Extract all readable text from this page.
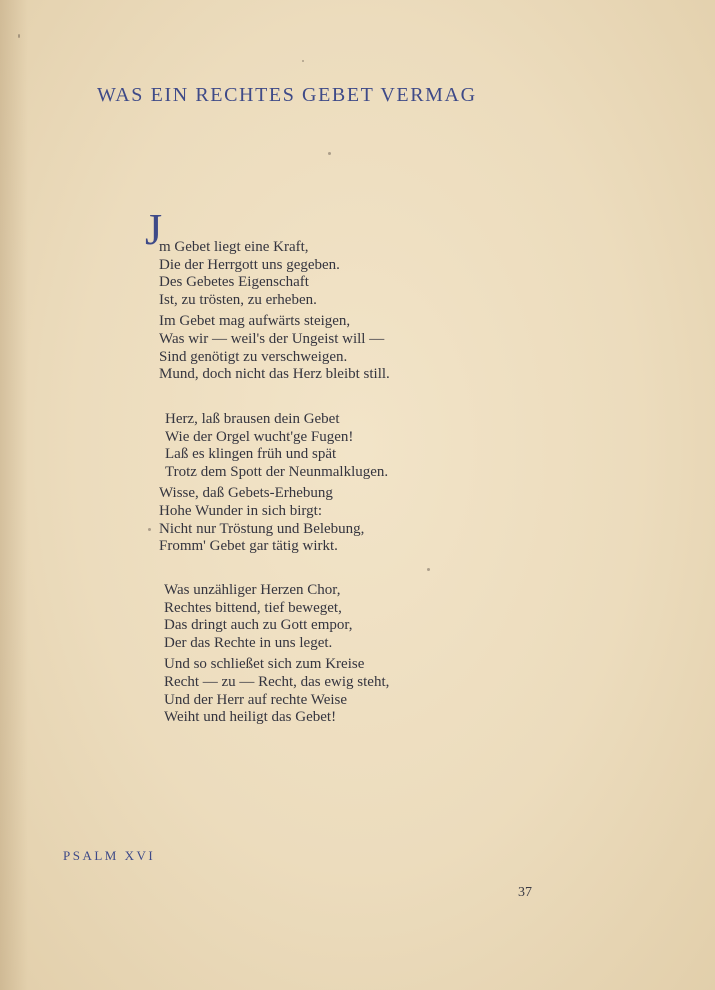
WAS EIN RECHTES GEBET VERMAG
J
m Gebet liegt eine Kraft,
Die der Herrgott uns gegeben.
Des Gebetes Eigenschaft
Ist, zu trösten, zu erheben.
Im Gebet mag aufwärts steigen,
Was wir — weil's der Ungeist will —
Sind genötigt zu verschweigen.
Mund, doch nicht das Herz bleibt still.
Herz, laß brausen dein Gebet
Wie der Orgel wucht'ge Fugen!
Laß es klingen früh und spät
Trotz dem Spott der Neunmalklugen.
Wisse, daß Gebets-Erhebung
Hohe Wunder in sich birgt:
Nicht nur Tröstung und Belebung,
Fromm' Gebet gar tätig wirkt.
Was unzähliger Herzen Chor,
Rechtes bittend, tief beweget,
Das dringt auch zu Gott empor,
Der das Rechte in uns leget.
Und so schließet sich zum Kreise
Recht — zu — Recht, das ewig steht,
Und der Herr auf rechte Weise
Weiht und heiligt das Gebet!

PSALM XVI

37
